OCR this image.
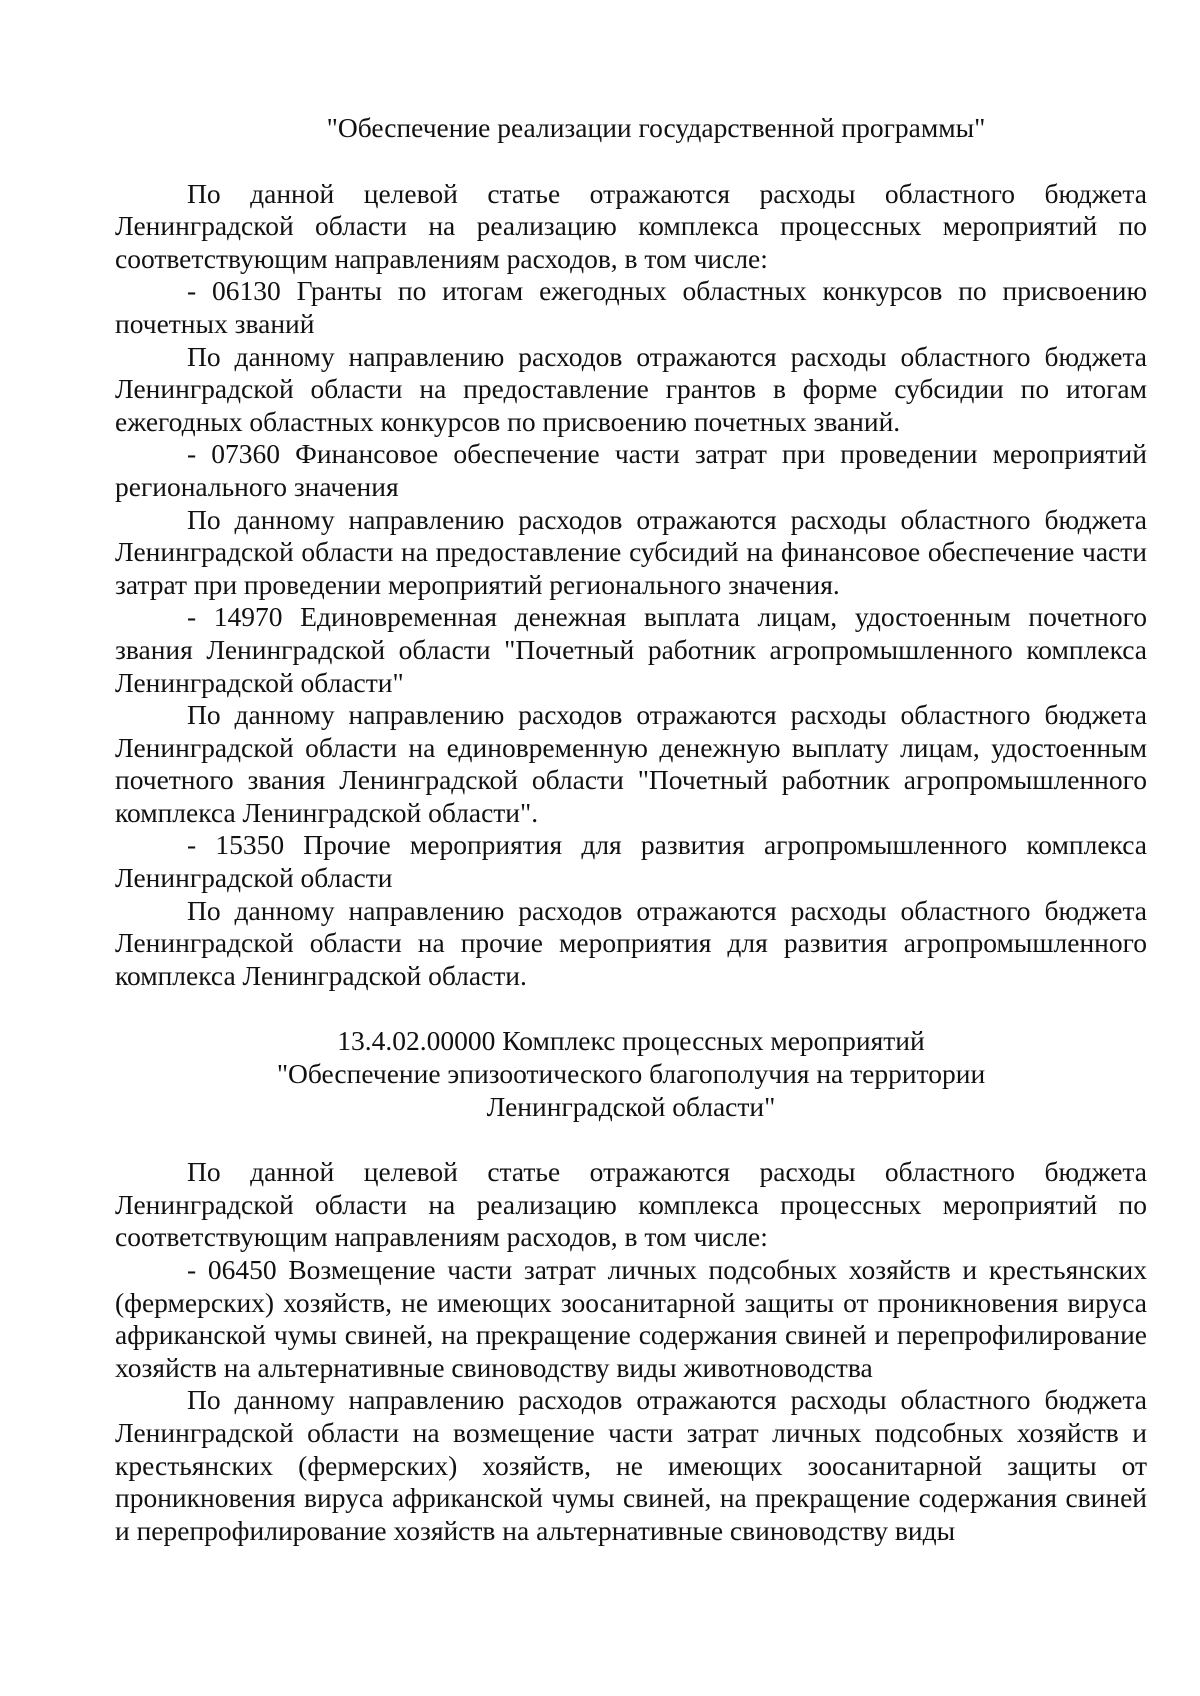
"Обеспечение реализации государственной программы"

По данной целевой статье отражаются расходы областного бюджета Ленинградской области на реализацию комплекса процессных мероприятий по соответствующим направлениям расходов, в том числе:

- 06130 Гранты по итогам ежегодных областных конкурсов по присвоению почетных званий

По данному направлению расходов отражаются расходы областного бюджета Ленинградской области на предоставление грантов в форме субсидии по итогам ежегодных областных конкурсов по присвоению почетных званий.

- 07360 Финансовое обеспечение части затрат при проведении мероприятий регионального значения

По данному направлению расходов отражаются расходы областного бюджета Ленинградской области на предоставление субсидий на финансовое обеспечение части затрат при проведении мероприятий регионального значения.

- 14970 Единовременная денежная выплата лицам, удостоенным почетного звания Ленинградской области "Почетный работник агропромышленного комплекса Ленинградской области"

По данному направлению расходов отражаются расходы областного бюджета Ленинградской области на единовременную денежную выплату лицам, удостоенным почетного звания Ленинградской области "Почетный работник агропромышленного комплекса Ленинградской области".

- 15350 Прочие мероприятия для развития агропромышленного комплекса Ленинградской области

По данному направлению расходов отражаются расходы областного бюджета Ленинградской области на прочие мероприятия для развития агропромышленного комплекса Ленинградской области.

13.4.02.00000 Комплекс процессных мероприятий
"Обеспечение эпизоотического благополучия на территории
Ленинградской области"

По данной целевой статье отражаются расходы областного бюджета Ленинградской области на реализацию комплекса процессных мероприятий по соответствующим направлениям расходов, в том числе:

- 06450 Возмещение части затрат личных подсобных хозяйств и крестьянских (фермерских) хозяйств, не имеющих зоосанитарной защиты от проникновения вируса африканской чумы свиней, на прекращение содержания свиней и перепрофилирование хозяйств на альтернативные свиноводству виды животноводства

По данному направлению расходов отражаются расходы областного бюджета Ленинградской области на возмещение части затрат личных подсобных хозяйств и крестьянских (фермерских) хозяйств, не имеющих зоосанитарной защиты от проникновения вируса африканской чумы свиней, на прекращение содержания свиней и перепрофилирование хозяйств на альтернативные свиноводству виды
